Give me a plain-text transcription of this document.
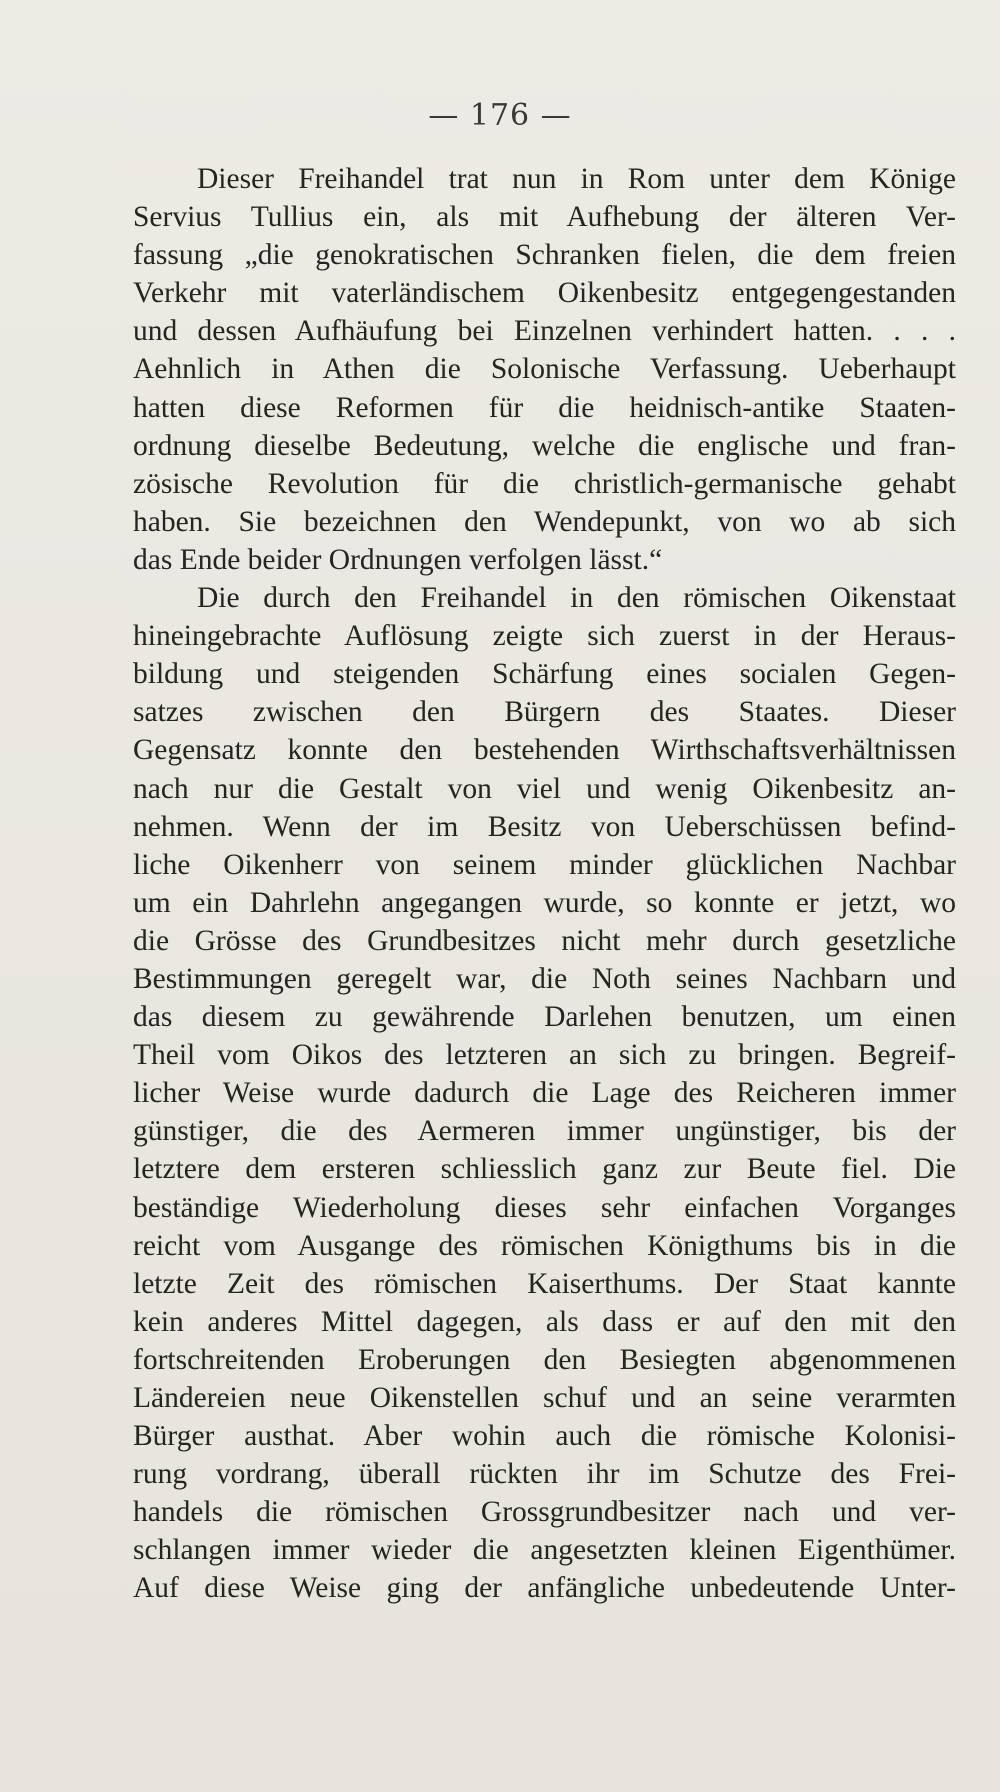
— 176 —
Dieser Freihandel trat nun in Rom unter dem Könige
Servius Tullius ein, als mit Aufhebung der älteren Ver-
fassung „die genokratischen Schranken fielen, die dem freien
Verkehr mit vaterländischem Oikenbesitz entgegengestanden
und dessen Aufhäufung bei Einzelnen verhindert hatten. . . .
Aehnlich in Athen die Solonische Verfassung. Ueberhaupt
hatten diese Reformen für die heidnisch-antike Staaten-
ordnung dieselbe Bedeutung, welche die englische und fran-
zösische Revolution für die christlich-germanische gehabt
haben. Sie bezeichnen den Wendepunkt, von wo ab sich
das Ende beider Ordnungen verfolgen lässt.“
Die durch den Freihandel in den römischen Oikenstaat
hineingebrachte Auflösung zeigte sich zuerst in der Heraus-
bildung und steigenden Schärfung eines socialen Gegen-
satzes zwischen den Bürgern des Staates. Dieser
Gegensatz konnte den bestehenden Wirthschaftsverhältnissen
nach nur die Gestalt von viel und wenig Oikenbesitz an-
nehmen. Wenn der im Besitz von Ueberschüssen befind-
liche Oikenherr von seinem minder glücklichen Nachbar
um ein Dahrlehn angegangen wurde, so konnte er jetzt, wo
die Grösse des Grundbesitzes nicht mehr durch gesetzliche
Bestimmungen geregelt war, die Noth seines Nachbarn und
das diesem zu gewährende Darlehen benutzen, um einen
Theil vom Oikos des letzteren an sich zu bringen. Begreif-
licher Weise wurde dadurch die Lage des Reicheren immer
günstiger, die des Aermeren immer ungünstiger, bis der
letztere dem ersteren schliesslich ganz zur Beute fiel. Die
beständige Wiederholung dieses sehr einfachen Vorganges
reicht vom Ausgange des römischen Königthums bis in die
letzte Zeit des römischen Kaiserthums. Der Staat kannte
kein anderes Mittel dagegen, als dass er auf den mit den
fortschreitenden Eroberungen den Besiegten abgenommenen
Ländereien neue Oikenstellen schuf und an seine verarmten
Bürger austhat. Aber wohin auch die römische Kolonisi-
rung vordrang, überall rückten ihr im Schutze des Frei-
handels die römischen Grossgrundbesitzer nach und ver-
schlangen immer wieder die angesetzten kleinen Eigenthümer.
Auf diese Weise ging der anfängliche unbedeutende Unter-
